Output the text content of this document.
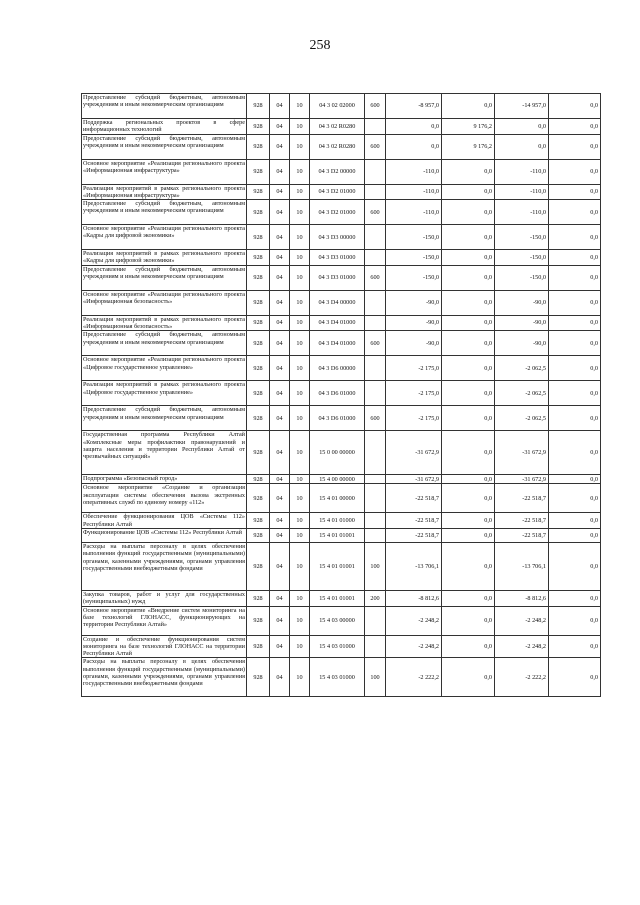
258
Предоставление субсидий бюджетным, автономным учреждениям и иным некоммерческим организациям	928	04	10	04 3 02 02000	600	-8 957,0	0,0	-14 957,0	0,0
Поддержка региональных проектов в сфере информационных технологий	928	04	10	04 3 02 R0280		0,0	9 176,2	0,0	0,0
Предоставление субсидий бюджетным, автономным учреждениям и иным некоммерческим организациям	928	04	10	04 3 02 R0280	600	0,0	9 176,2	0,0	0,0
Основное мероприятие «Реализация регионального проекта «Информационная инфраструктура»	928	04	10	04 3 D2 00000		-110,0	0,0	-110,0	0,0
Реализация мероприятий в рамках регионального проекта «Информационная инфраструктура»	928	04	10	04 3 D2 01000		-110,0	0,0	-110,0	0,0
Предоставление субсидий бюджетным, автономным учреждениям и иным некоммерческим организациям	928	04	10	04 3 D2 01000	600	-110,0	0,0	-110,0	0,0
Основное мероприятие «Реализация регионального проекта «Кадры для цифровой экономики»	928	04	10	04 3 D3 00000		-150,0	0,0	-150,0	0,0
Реализация мероприятий в рамках регионального проекта «Кадры для цифровой экономики»	928	04	10	04 3 D3 01000		-150,0	0,0	-150,0	0,0
Предоставление субсидий бюджетным, автономным учреждениям и иным некоммерческим организациям	928	04	10	04 3 D3 01000	600	-150,0	0,0	-150,0	0,0
Основное мероприятие «Реализация регионального проекта «Информационная безопасность»	928	04	10	04 3 D4 00000		-90,0	0,0	-90,0	0,0
Реализация мероприятий в рамках регионального проекта «Информационная безопасность»	928	04	10	04 3 D4 01000		-90,0	0,0	-90,0	0,0
Предоставление субсидий бюджетным, автономным учреждениям и иным некоммерческим организациям	928	04	10	04 3 D4 01000	600	-90,0	0,0	-90,0	0,0
Основное мероприятие «Реализация регионального проекта «Цифровое государственное управление»	928	04	10	04 3 D6 00000		-2 175,0	0,0	-2 062,5	0,0
Реализация мероприятий в рамках регионального проекта «Цифровое государственное управление»	928	04	10	04 3 D6 01000		-2 175,0	0,0	-2 062,5	0,0
Предоставление субсидий бюджетным, автономным учреждениям и иным некоммерческим организациям	928	04	10	04 3 D6 01000	600	-2 175,0	0,0	-2 062,5	0,0
Государственная программа Республики Алтай «Комплексные меры профилактики правонарушений и защита населения и территории Республики Алтай от чрезвычайных ситуаций»	928	04	10	15 0 00 00000		-31 672,9	0,0	-31 672,9	0,0
Подпрограмма «Безопасный город»	928	04	10	15 4 00 00000		-31 672,9	0,0	-31 672,9	0,0
Основное мероприятие «Создание и организация эксплуатации системы обеспечения вызова экстренных оперативных служб по единому номеру «112»	928	04	10	15 4 01 00000		-22 518,7	0,0	-22 518,7	0,0
Обеспечение функционирования ЦОВ «Системы 112» Республики Алтай	928	04	10	15 4 01 01000		-22 518,7	0,0	-22 518,7	0,0
Функционирование ЦОВ «Системы 112» Республики Алтай	928	04	10	15 4 01 01001		-22 518,7	0,0	-22 518,7	0,0
Расходы на выплаты персоналу в целях обеспечения выполнения функций государственными (муниципальными) органами, казенными учреждениями, органами управления государственными внебюджетными фондами	928	04	10	15 4 01 01001	100	-13 706,1	0,0	-13 706,1	0,0
Закупка товаров, работ и услуг для государственных (муниципальных) нужд	928	04	10	15 4 01 01001	200	-8 812,6	0,0	-8 812,6	0,0
Основное мероприятие «Внедрение систем мониторинга на базе технологий ГЛОНАСС, функционирующих на территории Республики Алтай»	928	04	10	15 4 03 00000		-2 248,2	0,0	-2 248,2	0,0
Создание и обеспечение функционирования систем мониторинга на базе технологий ГЛОНАСС на территории Республики Алтай	928	04	10	15 4 03 01000		-2 248,2	0,0	-2 248,2	0,0
Расходы на выплаты персоналу в целях обеспечения выполнения функций государственными (муниципальными) органами, казенными учреждениями, органами управления государственными внебюджетными фондами	928	04	10	15 4 03 01000	100	-2 222,2	0,0	-2 222,2	0,0
